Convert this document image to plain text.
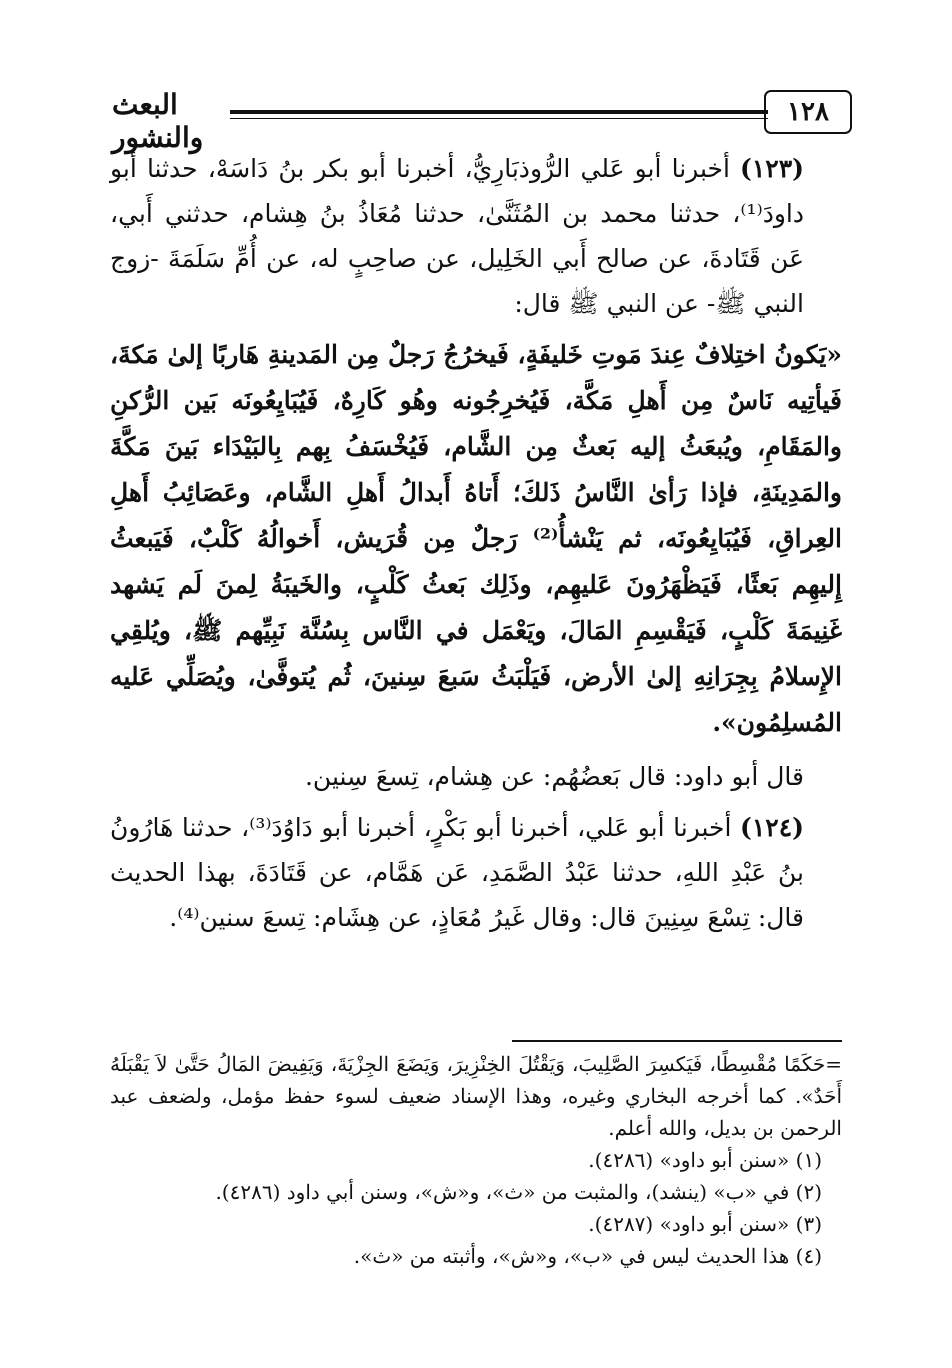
١٢٨
البعث والنشور

(١٢٣) أخبرنا أبو عَلي الرُّوذبَارِيُّ، أخبرنا أبو بكر بنُ دَاسَهْ، حدثنا أبو داودَ⁽¹⁾، حدثنا محمد بن المُثَنَّىٰ، حدثنا مُعَاذُ بنُ هِشام، حدثني أَبي، عَن قَتَادةَ، عن صالح أَبي الخَلِيل، عن صاحِبٍ له، عن أُمِّ سَلَمَةَ -زوج النبي ﷺ- عن النبي ﷺ قال:

«يَكونُ اختِلافٌ عِندَ مَوتِ خَليفَةٍ، فَيخرُجُ رَجلٌ مِن المَدينةِ هَاربًا إلىٰ مَكةَ، فَيأتِيه نَاسٌ مِن أَهلِ مَكَّة، فَيُخرِجُونه وهُو كَارِهٌ، فَيُبَايِعُونَه بَين الرُّكنِ والمَقَامِ، ويُبعَثُ إليه بَعثٌ مِن الشَّام، فَيُخْسَفُ بِهم بِالبَيْدَاء بَينَ مَكَّةَ والمَدِينَةِ، فإذا رَأىٰ النَّاسُ ذَلكَ؛ أَتاهُ أَبدالُ أَهلِ الشَّام، وعَصَائِبُ أَهلِ العِراقِ، فَيُبَايِعُونَه، ثم يَنْشأُ⁽²⁾ رَجلٌ مِن قُرَيش، أَخوالُهُ كَلْبٌ، فَيَبعثُ إِليهِم بَعثًا، فَيَظْهَرُونَ عَليهِم، وذَلِك بَعثُ كَلْبٍ، والخَيبَةُ لِمنَ لَم يَشهد غَنِيمَةَ كَلْبٍ، فَيَقْسِمِ المَالَ، ويَعْمَل في النَّاس بِسُنَّة نَبِيِّهم ﷺ، ويُلقِي الإِسلامُ بِجِرَانِهِ إلىٰ الأرض، فَيَلْبَثُ سَبعَ سِنينَ، ثُم يُتوفَّىٰ، ويُصَلِّي عَليه المُسلِمُون».

قال أبو داود: قال بَعضُهُم: عن هِشام، تِسعَ سِنين.

(١٢٤) أخبرنا أبو عَلي، أخبرنا أبو بَكْرٍ، أخبرنا أبو دَاوُدَ⁽³⁾، حدثنا هَارُونُ بنُ عَبْدِ اللهِ، حدثنا عَبْدُ الصَّمَدِ، عَن هَمَّام، عن قَتَادَةَ، بهذا الحديث قال: تِسْعَ سِنِينَ قال: وقال غَيرُ مُعَاذٍ، عن هِشَام: تِسعَ سنين⁽⁴⁾.

=حَكَمًا مُقْسِطًا، فَيَكسِرَ الصَّلِيبَ، وَيَقْتُلَ الخِنْزِيرَ، وَيَضَعَ الجِزْيَةَ، وَيَفِيضَ المَالُ حَتَّىٰ لاَ يَقْبَلَهُ أَحَدٌ». كما أخرجه البخاري وغيره، وهذا الإسناد ضعيف لسوء حفظ مؤمل، ولضعف عبد الرحمن بن بديل، والله أعلم.

(١) «سنن أبو داود» (٤٢٨٦).

(٢) في «ب» (ينشد)، والمثبت من «ث»، و«ش»، وسنن أبي داود (٤٢٨٦).

(٣) «سنن أبو داود» (٤٢٨٧).

(٤) هذا الحديث ليس في «ب»، و«ش»، وأثبته من «ث».
